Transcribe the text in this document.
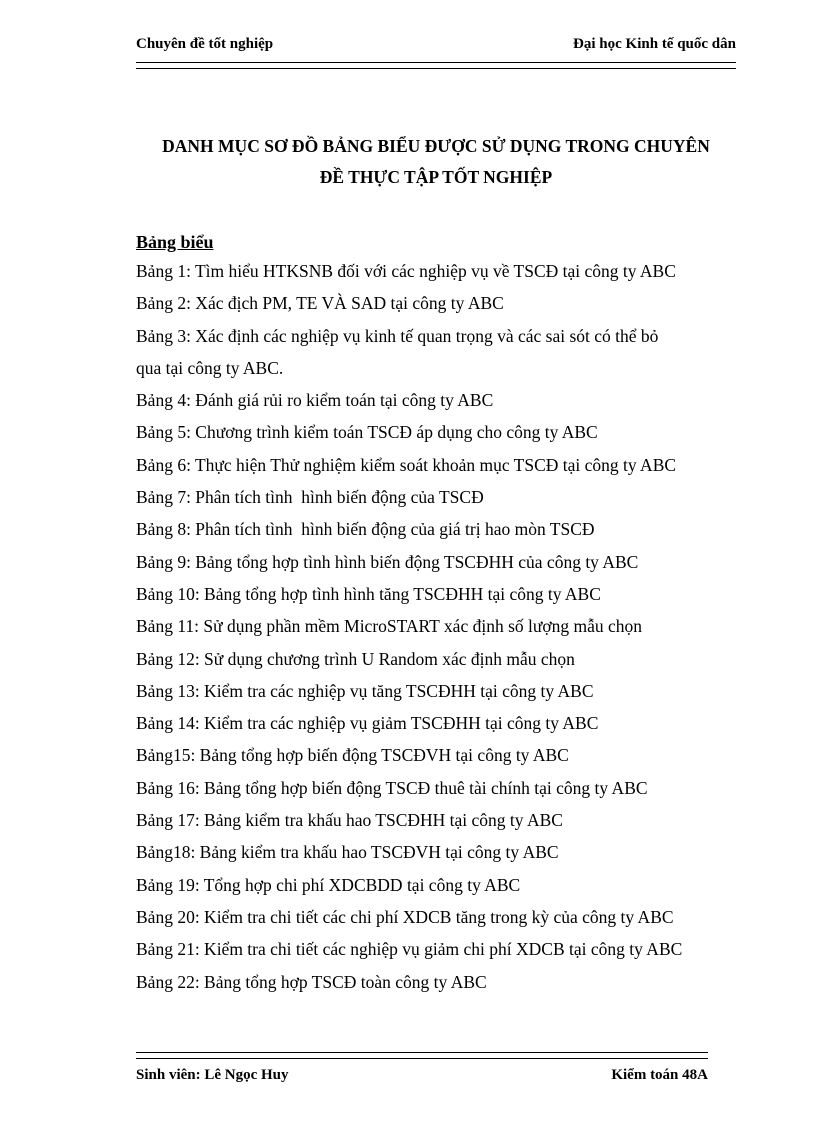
Chuyên đề tốt nghiệp	Đại học Kinh tế quốc dân
DANH MỤC SƠ ĐỒ BẢNG BIỂU ĐƯỢC SỬ DỤNG TRONG CHUYÊN
ĐỀ THỰC TẬP TỐT NGHIỆP
Bảng biểu
Bảng 1: Tìm hiểu HTKSNB đối với các nghiệp vụ về TSCĐ tại công ty ABC
Bảng 2: Xác địch PM, TE VÀ SAD tại công ty ABC
Bảng 3: Xác định các nghiệp vụ kinh tế quan trọng và các sai sót có thể bỏ
qua tại công ty ABC.
Bảng 4: Đánh giá rủi ro kiểm toán tại công ty ABC
Bảng 5: Chương trình kiểm toán TSCĐ áp dụng cho công ty ABC
Bảng 6: Thực hiện Thử nghiệm kiểm soát khoản mục TSCĐ tại công ty ABC
Bảng 7: Phân tích tình  hình biến động của TSCĐ
Bảng 8: Phân tích tình  hình biến động của giá trị hao mòn TSCĐ
Bảng 9: Bảng tổng hợp tình hình biến động TSCĐHH của công ty ABC
Bảng 10: Bảng tổng hợp tình hình tăng TSCĐHH tại công ty ABC
Bảng 11: Sử dụng phần mềm MicroSTART xác định số lượng mẫu chọn
Bảng 12: Sử dụng chương trình U Random xác định mẫu chọn
Bảng 13: Kiểm tra các nghiệp vụ tăng TSCĐHH tại công ty ABC
Bảng 14: Kiểm tra các nghiệp vụ giảm TSCĐHH tại công ty ABC
Bảng15: Bảng tổng hợp biến động TSCĐVH tại công ty ABC
Bảng 16: Bảng tổng hợp biến động TSCĐ thuê tài chính tại công ty ABC
Bảng 17: Bảng kiểm tra khấu hao TSCĐHH tại công ty ABC
Bảng18: Bảng kiểm tra khấu hao TSCĐVH tại công ty ABC
Bảng 19: Tổng hợp chi phí XDCBDD tại công ty ABC
Bảng 20: Kiểm tra chi tiết các chi phí XDCB tăng trong kỳ của công ty ABC
Bảng 21: Kiểm tra chi tiết các nghiệp vụ giảm chi phí XDCB tại công ty ABC
Bảng 22: Bảng tổng hợp TSCĐ toàn công ty ABC
Sinh viên: Lê Ngọc Huy	Kiểm toán 48A
